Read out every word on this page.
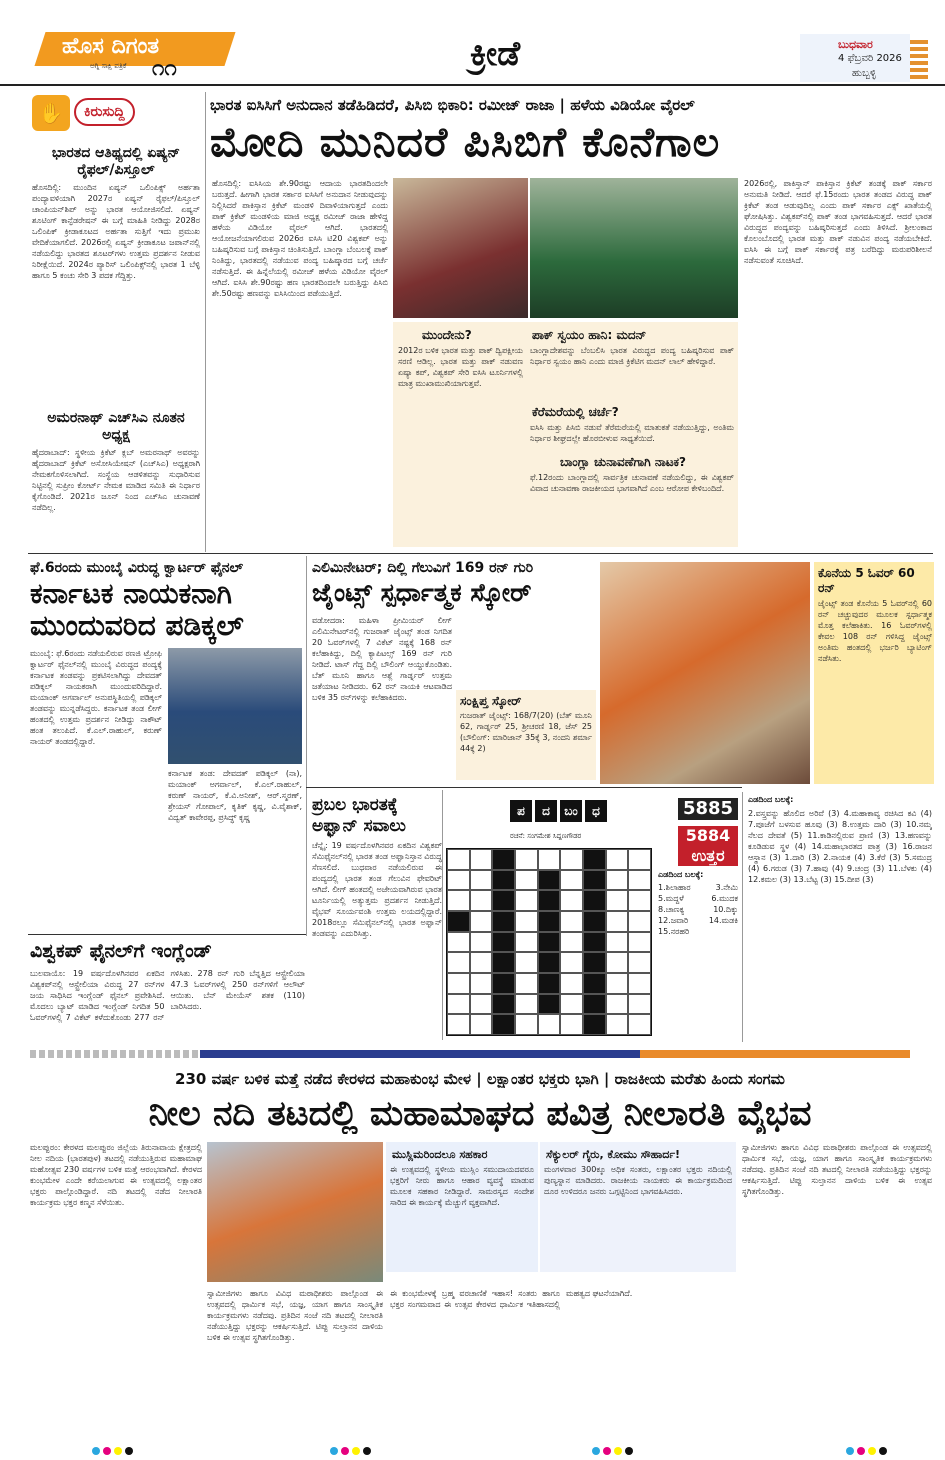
ಹೊಸ ದಿಗಂತ
ಅಗ್ನಿ ಸಾಕ್ಷಿ ಪತ್ರಿಕೆ ೧೧	ಕ್ರೀಡೆ	ಬುಧವಾರ
4 ಫೆಬ್ರವರಿ 2026
ಹುಬ್ಬಳ್ಳಿ
✋	ಕಿರುಸುದ್ದಿ
ಭಾರತದ ಆತಿಥ್ಯದಲ್ಲಿ ಏಷ್ಯನ್ ರೈಫಲ್/ಪಿಸ್ತೂಲ್
ಹೊಸದಿಲ್ಲಿ: ಮುಂದಿನ ಏಷ್ಯನ್ ಒಲಿಂಪಿಕ್ಸ್ ಅರ್ಹತಾ ಪಂದ್ಯಾವಳಿಯಾಗಿ 2027ರ ಏಷ್ಯನ್ ರೈಫಲ್/ಪಿಸ್ತೂಲ್ ಚಾಂಪಿಯನ್‌ಶಿಪ್ ಅನ್ನು ಭಾರತ ಆಯೋಜಿಸಲಿದೆ. ಏಷ್ಯನ್ ಶೂಟಿಂಗ್ ಕಾನ್ಫೆಡರೇಷನ್ ಈ ಬಗ್ಗೆ ಮಾಹಿತಿ ನೀಡಿದ್ದು 2028ರ ಒಲಿಂಪಿಕ್ ಕ್ರೀಡಾಕೂಟದ ಅರ್ಹತಾ ಸುತ್ತಿಗೆ ಇದು ಪ್ರಮುಖ ವೇದಿಕೆಯಾಗಲಿದೆ. 2026ರಲ್ಲಿ ಏಷ್ಯನ್ ಕ್ರೀಡಾಕೂಟ ಜಪಾನ್‌ನಲ್ಲಿ ನಡೆಯಲಿದ್ದು ಭಾರತದ ಶೂಟರ್‌ಗಳು ಉತ್ತಮ ಪ್ರದರ್ಶನ ನೀಡುವ ನಿರೀಕ್ಷೆಯಿದೆ. 2024ರ ಪ್ಯಾರಿಸ್ ಒಲಿಂಪಿಕ್ಸ್‌ನಲ್ಲಿ ಭಾರತ 1 ಬೆಳ್ಳಿ ಹಾಗೂ 5 ಕಂಚು ಸೇರಿ 3 ಪದಕ ಗೆದ್ದಿತ್ತು.
ಅಮರನಾಥ್ ಎಚ್‌ಸಿಎ ನೂತನ ಅಧ್ಯಕ್ಷ
ಹೈದರಾಬಾದ್: ಸ್ಥಳೀಯ ಕ್ರಿಕೆಟ್ ಕ್ಲಬ್ ಅಮರನಾಥ್ ಅವರನ್ನು ಹೈದರಾಬಾದ್ ಕ್ರಿಕೆಟ್ ಅಸೋಸಿಯೇಷನ್ (ಎಚ್‌ಸಿಎ) ಅಧ್ಯಕ್ಷರಾಗಿ ನೇಮಕಗೊಳಿಸಲಾಗಿದೆ. ಸಂಸ್ಥೆಯ ಆಡಳಿತವನ್ನು ಸುಧಾರಿಸುವ ನಿಟ್ಟಿನಲ್ಲಿ ಸುಪ್ರೀಂ ಕೋರ್ಟ್ ನೇಮಕ ಮಾಡಿದ ಸಮಿತಿ ಈ ನಿರ್ಧಾರ ಕೈಗೊಂಡಿದೆ. 2021ರ ಜೂನ್ ನಿಂದ ಎಚ್‌ಸಿಎ ಚುನಾವಣೆ ನಡೆದಿಲ್ಲ.
ಭಾರತ ಐಸಿಸಿಗೆ ಅನುದಾನ ತಡೆಹಿಡಿದರೆ, ಪಿಸಿಬಿ ಭಿಕಾರಿ: ರಮೀಜ್ ರಾಜಾ | ಹಳೆಯ ವಿಡಿಯೋ ವೈರಲ್
ಮೋದಿ ಮುನಿದರೆ ಪಿಸಿಬಿಗೆ ಕೊನೆಗಾಲ
ಹೊಸದಿಲ್ಲಿ: ಐಸಿಸಿಯ ಶೇ.90ರಷ್ಟು ಆದಾಯ ಭಾರತದಿಂದಲೇ ಬರುತ್ತದೆ. ಹೀಗಾಗಿ ಭಾರತ ಸರ್ಕಾರ ಐಸಿಸಿಗೆ ಅನುದಾನ ನೀಡುವುದನ್ನು ನಿಲ್ಲಿಸಿದರೆ ಪಾಕಿಸ್ತಾನ ಕ್ರಿಕೆಟ್ ಮಂಡಳಿ ದಿವಾಳಿಯಾಗುತ್ತದೆ ಎಂದು ಪಾಕ್ ಕ್ರಿಕೆಟ್ ಮಂಡಳಿಯ ಮಾಜಿ ಅಧ್ಯಕ್ಷ ರಮೀಜ್ ರಾಜಾ ಹೇಳಿದ್ದ ಹಳೆಯ ವಿಡಿಯೋ ವೈರಲ್ ಆಗಿದೆ. ಭಾರತದಲ್ಲಿ ಆಯೋಜನೆಯಾಗಲಿರುವ 2026ರ ಐಸಿಸಿ ಟಿ20 ವಿಶ್ವಕಪ್ ಅನ್ನು ಬಹಿಷ್ಕರಿಸುವ ಬಗ್ಗೆ ಪಾಕಿಸ್ತಾನ ಚಿಂತಿಸುತ್ತಿದೆ. ಬಾಂಗ್ಲಾ ಬೆಂಬಲಕ್ಕೆ ಪಾಕ್ ನಿಂತಿದ್ದು, ಭಾರತದಲ್ಲಿ ನಡೆಯುವ ಪಂದ್ಯ ಬಹಿಷ್ಕಾರದ ಬಗ್ಗೆ ಚರ್ಚೆ ನಡೆಸುತ್ತಿದೆ. ಈ ಹಿನ್ನೆಲೆಯಲ್ಲಿ ರಮೀಜ್ ಹಳೆಯ ವಿಡಿಯೋ ವೈರಲ್ ಆಗಿದೆ. ಐಸಿಸಿ ಶೇ.90ರಷ್ಟು ಹಣ ಭಾರತದಿಂದಲೇ ಬರುತ್ತಿದ್ದು ಪಿಸಿಬಿ ಶೇ.50ರಷ್ಟು ಹಣವನ್ನು ಐಸಿಸಿಯಿಂದ ಪಡೆಯುತ್ತಿದೆ.
2026ರಲ್ಲಿ, ಪಾಕಿಸ್ತಾನ್ ಪಾಕಿಸ್ತಾನ ಕ್ರಿಕೆಟ್ ತಂಡಕ್ಕೆ ಪಾಕ್ ಸರ್ಕಾರ ಅನುಮತಿ ನೀಡಿದೆ. ಆದರೆ ಫೆ.15ರಂದು ಭಾರತ ತಂಡದ ವಿರುದ್ಧ ಪಾಕ್ ಕ್ರಿಕೆಟ್ ತಂಡ ಆಡುವುದಿಲ್ಲ ಎಂದು ಪಾಕ್ ಸರ್ಕಾರ ಎಕ್ಸ್ ಖಾತೆಯಲ್ಲಿ ಘೋಷಿಸಿತ್ತು. ವಿಶ್ವಕಪ್‌ನಲ್ಲಿ ಪಾಕ್ ತಂಡ ಭಾಗವಹಿಸುತ್ತದೆ. ಆದರೆ ಭಾರತ ವಿರುದ್ಧದ ಪಂದ್ಯವನ್ನು ಬಹಿಷ್ಕರಿಸುತ್ತದೆ ಎಂದು ತಿಳಿಸಿದೆ. ಶ್ರೀಲಂಕಾದ ಕೊಲಂಬೊದಲ್ಲಿ ಭಾರತ ಮತ್ತು ಪಾಕ್ ನಡುವಿನ ಪಂದ್ಯ ನಡೆಯಬೇಕಿದೆ. ಐಸಿಸಿ ಈ ಬಗ್ಗೆ ಪಾಕ್ ಸರ್ಕಾರಕ್ಕೆ ಪತ್ರ ಬರೆದಿದ್ದು ಮರುಪರಿಶೀಲನೆ ನಡೆಸುವಂತೆ ಸೂಚಿಸಿದೆ.
ಮುಂದೇನು?
2012ರ ಬಳಿಕ ಭಾರತ ಮತ್ತು ಪಾಕ್ ದ್ವಿಪಕ್ಷೀಯ ಸರಣಿ ಆಡಿಲ್ಲ. ಭಾರತ ಮತ್ತು ಪಾಕ್ ನಡುವಣ ಏಷ್ಯಾ ಕಪ್, ವಿಶ್ವಕಪ್ ಸೇರಿ ಐಸಿಸಿ ಟೂರ್ನಿಗಳಲ್ಲಿ ಮಾತ್ರ ಮುಖಾಮುಖಿಯಾಗುತ್ತವೆ.
ಪಾಕ್ ಸ್ವಯಂ ಹಾನಿ: ಮದನ್
ಬಾಂಗ್ಲಾದೇಶವನ್ನು ಬೆಂಬಲಿಸಿ ಭಾರತ ವಿರುದ್ಧದ ಪಂದ್ಯ ಬಹಿಷ್ಕರಿಸುವ ಪಾಕ್ ನಿರ್ಧಾರ ಸ್ವಯಂ ಹಾನಿ ಎಂದು ಮಾಜಿ ಕ್ರಿಕೆಟಿಗ ಮದನ್ ಲಾಲ್ ಹೇಳಿದ್ದಾರೆ.
ಕೆರೆಮರೆಯಲ್ಲಿ ಚರ್ಚೆ?
ಐಸಿಸಿ ಮತ್ತು ಪಿಸಿಬಿ ನಡುವೆ ತೆರೆಮರೆಯಲ್ಲಿ ಮಾತುಕತೆ ನಡೆಯುತ್ತಿದ್ದು, ಅಂತಿಮ ನಿರ್ಧಾರ ಶೀಘ್ರದಲ್ಲೇ ಹೊರಬೀಳುವ ಸಾಧ್ಯತೆಯಿದೆ.
ಬಾಂಗ್ಲಾ ಚುನಾವಣೆಗಾಗಿ ನಾಟಕ?
ಫೆ.12ರಂದು ಬಾಂಗ್ಲಾದಲ್ಲಿ ಸಾರ್ವತ್ರಿಕ ಚುನಾವಣೆ ನಡೆಯಲಿದ್ದು, ಈ ವಿಶ್ವಕಪ್ ವಿವಾದ ಚುನಾವಣಾ ರಾಜಕೀಯದ ಭಾಗವಾಗಿದೆ ಎಂಬ ಆರೋಪ ಕೇಳಿಬಂದಿದೆ.
ಫೆ.6ರಂದು ಮುಂಬೈ ವಿರುದ್ಧ ಕ್ವಾರ್ಟರ್ ಫೈನಲ್
ಕರ್ನಾಟಕ ನಾಯಕನಾಗಿ ಮುಂದುವರಿದ ಪಡಿಕ್ಕಲ್
ಮುಂಬೈ: ಫೆ.6ರಂದು ನಡೆಯಲಿರುವ ರಣಜಿ ಟ್ರೋಫಿ ಕ್ವಾರ್ಟರ್ ಫೈನಲ್‌ನಲ್ಲಿ ಮುಂಬೈ ವಿರುದ್ಧದ ಪಂದ್ಯಕ್ಕೆ ಕರ್ನಾಟಕ ತಂಡವನ್ನು ಪ್ರಕಟಿಸಲಾಗಿದ್ದು ದೇವದತ್ ಪಡಿಕ್ಕಲ್ ನಾಯಕರಾಗಿ ಮುಂದುವರಿದಿದ್ದಾರೆ. ಮಯಾಂಕ್ ಅಗರ್ವಾಲ್ ಅನುಪಸ್ಥಿತಿಯಲ್ಲಿ ಪಡಿಕ್ಕಲ್ ತಂಡವನ್ನು ಮುನ್ನಡೆಸಿದ್ದರು. ಕರ್ನಾಟಕ ತಂಡ ಲೀಗ್ ಹಂತದಲ್ಲಿ ಉತ್ತಮ ಪ್ರದರ್ಶನ ನೀಡಿದ್ದು ನಾಕೌಟ್ ಹಂತ ತಲುಪಿದೆ. ಕೆ.ಎಲ್.ರಾಹುಲ್, ಕರುಣ್ ನಾಯರ್ ತಂಡದಲ್ಲಿದ್ದಾರೆ.
ಕರ್ನಾಟಕ ತಂಡ: ದೇವದತ್ ಪಡಿಕ್ಕಲ್ (ನಾ), ಮಯಾಂಕ್ ಅಗರ್ವಾಲ್, ಕೆ.ಎಲ್.ರಾಹುಲ್, ಕರುಣ್ ನಾಯರ್, ಕೆ.ವಿ.ಅನೀಶ್, ಆರ್.ಸ್ಮರಣ್, ಶ್ರೇಯಸ್ ಗೋಪಾಲ್, ಕೃತಿಕ್ ಕೃಷ್ಣ, ವಿ.ವೈಶಾಕ್, ವಿದ್ವತ್ ಕಾವೇರಪ್ಪ, ಪ್ರಸಿದ್ಧ್ ಕೃಷ್ಣ
ಎಲಿಮಿನೇಟರ್; ದಿಲ್ಲಿ ಗೆಲುವಿಗೆ 169 ರನ್ ಗುರಿ
ಜೈಂಟ್ಸ್ ಸ್ಪರ್ಧಾತ್ಮಕ ಸ್ಕೋರ್
ವಡೋದರಾ: ಮಹಿಳಾ ಪ್ರೀಮಿಯರ್ ಲೀಗ್ ಎಲಿಮಿನೇಟರ್‌ನಲ್ಲಿ ಗುಜರಾತ್ ಜೈಂಟ್ಸ್ ತಂಡ ನಿಗದಿತ 20 ಓವರ್‌ಗಳಲ್ಲಿ 7 ವಿಕೆಟ್ ನಷ್ಟಕ್ಕೆ 168 ರನ್ ಕಲೆಹಾಕಿದ್ದು, ದಿಲ್ಲಿ ಕ್ಯಾಪಿಟಲ್ಸ್ 169 ರನ್ ಗುರಿ ನೀಡಿದೆ. ಟಾಸ್ ಗೆದ್ದ ದಿಲ್ಲಿ ಬೌಲಿಂಗ್ ಆಯ್ದುಕೊಂಡಿತು. ಬೆತ್ ಮೂನಿ ಹಾಗೂ ಆಶ್ಲೆ ಗಾರ್ಡ್ನರ್ ಉತ್ತಮ ಜತೆಯಾಟ ನೀಡಿದರು. 62 ರನ್ ನಾಯಕಿ ಆಟವಾಡಿದ ಬಳಿಕ 35 ರನ್‌ಗಳನ್ನು ಕಲೆಹಾಕಿದರು.	ಸಂಕ್ಷಿಪ್ತ ಸ್ಕೋರ್
ಗುಜರಾತ್ ಜೈಂಟ್ಸ್: 168/7(20) (ಬೆತ್ ಮೂನಿ 62, ಗಾರ್ಡ್ನರ್ 25, ಶ್ರೀಚರಣಿ 18, ಜೆಸ್ 25 (ಬೌಲಿಂಗ್: ಮಾರಿಜಾನ್ 35ಕ್ಕೆ 3, ನಂದನಿ ಶರ್ಮಾ 44ಕ್ಕೆ 2)
ಕೊನೆಯ 5 ಓವರ್ 60 ರನ್
ಜೈಂಟ್ಸ್ ತಂಡ ಕೊನೆಯ 5 ಓವರ್‌ನಲ್ಲಿ 60 ರನ್ ಚಚ್ಚುವುದರ ಮೂಲಕ ಸ್ಪರ್ಧಾತ್ಮಕ ಮೊತ್ತ ಕಲೆಹಾಕಿತು. 16 ಓವರ್‌ಗಳಲ್ಲಿ ಕೇವಲ 108 ರನ್ ಗಳಿಸಿದ್ದ ಜೈಂಟ್ಸ್ ಅಂತಿಮ ಹಂತದಲ್ಲಿ ಭರ್ಜರಿ ಬ್ಯಾಟಿಂಗ್ ನಡೆಸಿತು.
ಪ್ರಬಲ ಭಾರತಕ್ಕೆ ಅಫ್ಘಾನ್ ಸವಾಲು
ಚೆನ್ನೈ: 19 ವರ್ಷದೊಳಗಿನವರ ಏಕದಿನ ವಿಶ್ವಕಪ್ ಸೆಮಿಫೈನಲ್‌ನಲ್ಲಿ ಭಾರತ ತಂಡ ಅಫ್ಘಾನಿಸ್ತಾನ ವಿರುದ್ಧ ಸೆಣಸಲಿದೆ. ಬುಧವಾರ ನಡೆಯಲಿರುವ ಈ ಪಂದ್ಯದಲ್ಲಿ ಭಾರತ ತಂಡ ಗೆಲುವಿನ ಫೇವರಿಟ್ ಆಗಿದೆ. ಲೀಗ್ ಹಂತದಲ್ಲಿ ಅಜೇಯವಾಗಿರುವ ಭಾರತ ಟೂರ್ನಿಯಲ್ಲಿ ಅತ್ಯುತ್ತಮ ಪ್ರದರ್ಶನ ನೀಡುತ್ತಿದೆ. ವೈಭವ್ ಸೂರ್ಯವಂಶಿ ಉತ್ತಮ ಲಯದಲ್ಲಿದ್ದಾರೆ. 2018ರಲ್ಲೂ ಸೆಮಿಫೈನಲ್‌ನಲ್ಲಿ ಭಾರತ ಅಫ್ಘಾನ್ ತಂಡವನ್ನು ಎದುರಿಸಿತ್ತು.
ವಿಶ್ವಕಪ್ ಫೈನಲ್‌ಗೆ ಇಂಗ್ಲೆಂಡ್
ಬುಲವಾಯೊ: 19 ವರ್ಷದೊಳಗಿನವರ ಏಕದಿನ ವಿಶ್ವಕಪ್‌ನಲ್ಲಿ ಆಸ್ಟ್ರೇಲಿಯಾ ವಿರುದ್ಧ 27 ರನ್‌ಗಳ ಜಯ ಸಾಧಿಸಿದ ಇಂಗ್ಲೆಂಡ್ ಫೈನಲ್ ಪ್ರವೇಶಿಸಿದೆ. ಮೊದಲು ಬ್ಯಾಟ್ ಮಾಡಿದ ಇಂಗ್ಲೆಂಡ್ ನಿಗದಿತ 50 ಓವರ್‌ಗಳಲ್ಲಿ 7 ವಿಕೆಟ್ ಕಳೆದುಕೊಂಡು 277 ರನ್ ಗಳಿಸಿತು. 278 ರನ್ ಗುರಿ ಬೆನ್ನತ್ತಿದ ಆಸ್ಟ್ರೇಲಿಯಾ 47.3 ಓವರ್‌ಗಳಲ್ಲಿ 250 ರನ್‌ಗಳಿಗೆ ಆಲೌಟ್ ಆಯಿತು. ಬೆನ್ ಮೇಯೆಸ್ ಶತಕ (110) ಬಾರಿಸಿದರು.
ಪ	ದ	ಬಂ	ಧ
ರಚನೆ: ಸಂಗಮೇಶ ಸಿದ್ದಣಗೌಡರ
5885
5884
ಉತ್ತರ
ಎಡದಿಂದ ಬಲಕ್ಕೆ:
1.ಶಿಲಾಹಾರ 3.ನೇಮಿ 5.ಮದ್ದಳೆ 6.ಮುದಕ 8.ಚಾಣಕ್ಯ 10.ದಿಕ್ಕು 12.ಜವಾರಿ 14.ಮಡಕಿ 15.ನರಹರಿ
ಎಡದಿಂದ ಬಲಕ್ಕೆ:
2.ವಸ್ತ್ರವನ್ನು ಹೊಲಿದ ಅರಿವೆ (3) 4.ಮಹಾಕಾವ್ಯ ರಚಿಸಿದ ಕವಿ (4) 7.ಪೂಜೆಗೆ ಬಳಸುವ ಹೂವು (3) 8.ಉತ್ತಮ ದಾರಿ (3) 10.ನಮ್ಮ ನೆಲದ ದೇವತೆ (5) 11.ಕಾಡಿನಲ್ಲಿರುವ ಪ್ರಾಣಿ (3) 13.ಹಣವನ್ನು ಕೂಡಿಡುವ ಸ್ಥಳ (4) 14.ಮಹಾಭಾರತದ ಪಾತ್ರ (3) 16.ರಾಜನ ಆಸ್ಥಾನ (3) 1.ದಾರಿ (3) 2.ನಾಯಕ (4) 3.ಕೆರೆ (3) 5.ಸಮುದ್ರ (4) 6.ಗರುಡ (3) 7.ಹಾವು (4) 9.ಚಂದ್ರ (3) 11.ಬೆಳಕು (4) 12.ಕಮಲ (3) 13.ಬೆಟ್ಟ (3) 15.ದೀಪ (3)
230 ವರ್ಷ ಬಳಿಕ ಮತ್ತೆ ನಡೆದ ಕೇರಳದ ಮಹಾಕುಂಭ ಮೇಳ | ಲಕ್ಷಾಂತರ ಭಕ್ತರು ಭಾಗಿ | ರಾಜಕೀಯ ಮರೆತು ಹಿಂದು ಸಂಗಮ
ನೀಲ ನದಿ ತಟದಲ್ಲಿ ಮಹಾಮಾಘದ ಪವಿತ್ರ ನೀಲಾರತಿ ವೈಭವ
ಮಲಪ್ಪುರಂ: ಕೇರಳದ ಮಲಪ್ಪುರಂ ಜಿಲ್ಲೆಯ ತಿರುನಾವಾಯ ಕ್ಷೇತ್ರದಲ್ಲಿ ನೀಲ ನದಿಯ (ಭಾರತಪುಳ) ತಟದಲ್ಲಿ ನಡೆಯುತ್ತಿರುವ ಮಹಾಮಾಘ ಮಹೋತ್ಸವ 230 ವರ್ಷಗಳ ಬಳಿಕ ಮತ್ತೆ ಆರಂಭವಾಗಿದೆ. ಕೇರಳದ ಕುಂಭಮೇಳ ಎಂದೇ ಕರೆಯಲಾಗುವ ಈ ಉತ್ಸವದಲ್ಲಿ ಲಕ್ಷಾಂತರ ಭಕ್ತರು ಪಾಲ್ಗೊಂಡಿದ್ದಾರೆ. ನದಿ ತಟದಲ್ಲಿ ನಡೆದ ನೀಲಾರತಿ ಕಾರ್ಯಕ್ರಮ ಭಕ್ತರ ಕಣ್ಮನ ಸೆಳೆಯಿತು.
ಮುಸ್ಲಿಮರಿಂದಲೂ ಸಹಕಾರ
ಈ ಉತ್ಸವದಲ್ಲಿ ಸ್ಥಳೀಯ ಮುಸ್ಲಿಂ ಸಮುದಾಯದವರೂ ಭಕ್ತರಿಗೆ ನೀರು ಹಾಗೂ ಆಹಾರ ವ್ಯವಸ್ಥೆ ಮಾಡುವ ಮೂಲಕ ಸಹಕಾರ ನೀಡಿದ್ದಾರೆ. ಸಾಮರಸ್ಯದ ಸಂದೇಶ ಸಾರಿದ ಈ ಕಾರ್ಯಕ್ಕೆ ಮೆಚ್ಚುಗೆ ವ್ಯಕ್ತವಾಗಿದೆ.
ಸೆಕ್ಯುಲರ್ ಗೈರು, ಕೋಮು ಸೌಹಾರ್ದ!
ಮಂಗಳವಾರ 300ಕ್ಕೂ ಅಧಿಕ ಸಂತರು, ಲಕ್ಷಾಂತರ ಭಕ್ತರು ನದಿಯಲ್ಲಿ ಪುಣ್ಯಸ್ನಾನ ಮಾಡಿದರು. ರಾಜಕೀಯ ನಾಯಕರು ಈ ಕಾರ್ಯಕ್ರಮದಿಂದ ದೂರ ಉಳಿದರೂ ಜನರು ಒಗ್ಗಟ್ಟಿನಿಂದ ಭಾಗವಹಿಸಿದರು.
ಸ್ವಾಮೀಜಿಗಳು ಹಾಗೂ ವಿವಿಧ ಮಠಾಧೀಶರು ಪಾಲ್ಗೊಂಡ ಈ ಉತ್ಸವದಲ್ಲಿ ಧಾರ್ಮಿಕ ಸಭೆ, ಯಜ್ಞ, ಯಾಗ ಹಾಗೂ ಸಾಂಸ್ಕೃತಿಕ ಕಾರ್ಯಕ್ರಮಗಳು ನಡೆದವು. ಪ್ರತಿದಿನ ಸಂಜೆ ನದಿ ತಟದಲ್ಲಿ ನೀಲಾರತಿ ನಡೆಯುತ್ತಿದ್ದು ಭಕ್ತರನ್ನು ಆಕರ್ಷಿಸುತ್ತಿದೆ. ಟಿಪ್ಪು ಸುಲ್ತಾನನ ದಾಳಿಯ ಬಳಿಕ ಈ ಉತ್ಸವ ಸ್ಥಗಿತಗೊಂಡಿತ್ತು.
ಈ ಕುಂಭಮೇಳಕ್ಕೆ ಬ್ರಹ್ಮ ವರಚಾಣಿಕೆ ಇಹಾಸ! ಸಂತರು ಹಾಗೂ ಭಕ್ತರ ಸಂಗಮವಾದ ಈ ಉತ್ಸವ ಕೇರಳದ ಧಾರ್ಮಿಕ ಇತಿಹಾಸದಲ್ಲಿ ಮಹತ್ವದ ಘಟನೆಯಾಗಿದೆ.
ಸ್ವಾಮೀಜಿಗಳು ಹಾಗೂ ವಿವಿಧ ಮಠಾಧೀಶರು ಪಾಲ್ಗೊಂಡ ಈ ಉತ್ಸವದಲ್ಲಿ ಧಾರ್ಮಿಕ ಸಭೆ, ಯಜ್ಞ, ಯಾಗ ಹಾಗೂ ಸಾಂಸ್ಕೃತಿಕ ಕಾರ್ಯಕ್ರಮಗಳು ನಡೆದವು. ಪ್ರತಿದಿನ ಸಂಜೆ ನದಿ ತಟದಲ್ಲಿ ನೀಲಾರತಿ ನಡೆಯುತ್ತಿದ್ದು ಭಕ್ತರನ್ನು ಆಕರ್ಷಿಸುತ್ತಿದೆ. ಟಿಪ್ಪು ಸುಲ್ತಾನನ ದಾಳಿಯ ಬಳಿಕ ಈ ಉತ್ಸವ ಸ್ಥಗಿತಗೊಂಡಿತ್ತು.
